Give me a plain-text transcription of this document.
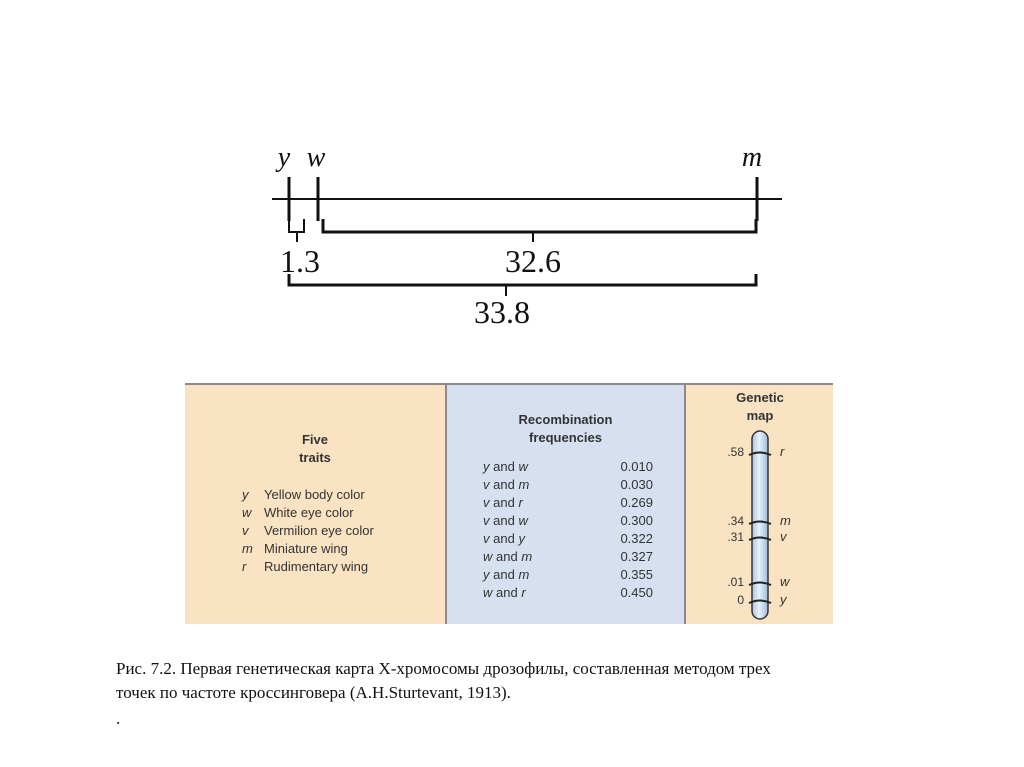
y w	m
1.3	32.6
33.8
Five
traits
y Yellow body color
w White eye color
v Vermilion eye color
m Miniature wing
r Rudimentary wing
Recombination
frequencies
y and w	0.010
v and m	0.030
v and r	0.269
v and w	0.300
v and y	0.322
w and m	0.327
y and m	0.355
w and r	0.450
Genetic
map
.58	r
.34	m
.31	v
.01	w
0	y
Рис. 7.2. Первая генетическая карта Х-хромосомы дрозофилы, составленная методом трех
точек по частоте кроссинговера (A.H.Sturtevant, 1913).
.
